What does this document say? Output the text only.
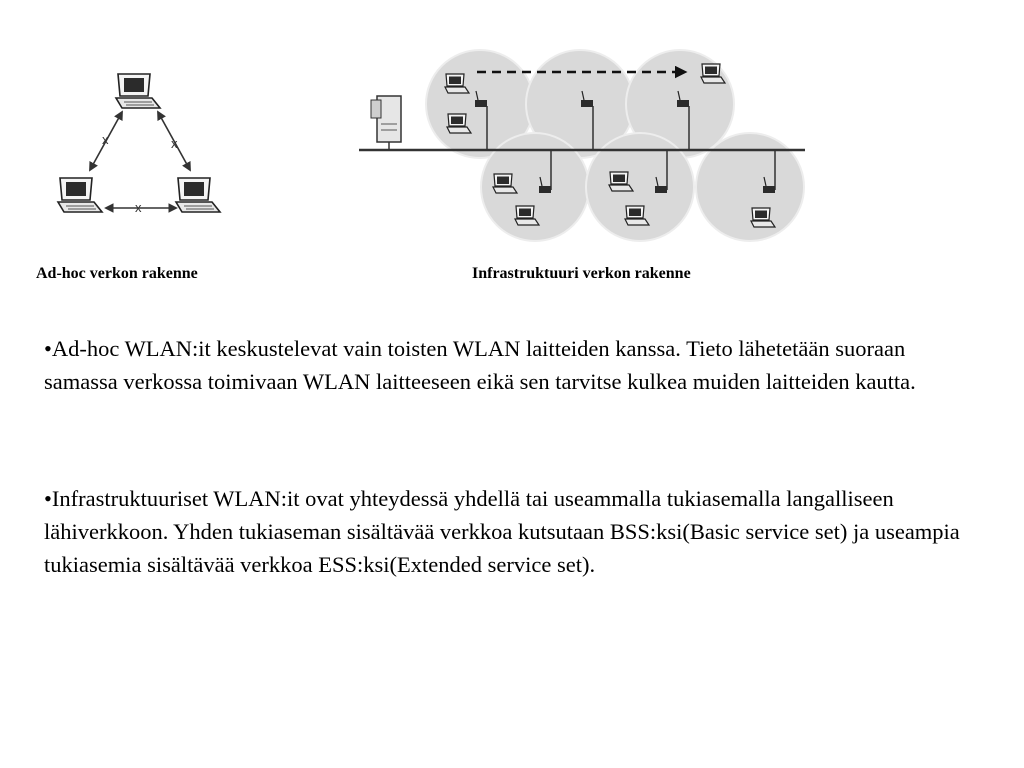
x	x
x
Ad-hoc verkon rakenne	Infrastruktuuri verkon rakenne

•Ad-hoc WLAN:it keskustelevat vain toisten WLAN laitteiden kanssa. Tieto lähetetään suoraan samassa verkossa toimivaan WLAN laitteeseen eikä sen tarvitse kulkea muiden laitteiden kautta.

•Infrastruktuuriset WLAN:it ovat yhteydessä yhdellä tai useammalla tukiasemalla langalliseen lähiverkkoon. Yhden tukiaseman sisältävää verkkoa kutsutaan BSS:ksi(Basic service set) ja useampia tukiasemia sisältävää verkkoa ESS:ksi(Extended service set).
